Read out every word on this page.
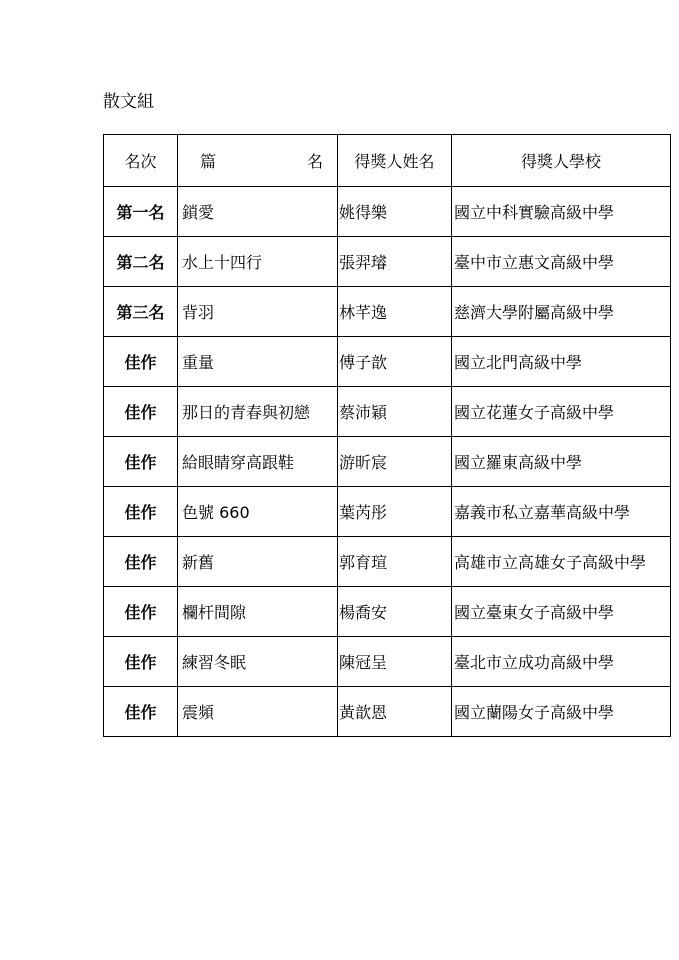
散文組
名次	篇 名	得獎人姓名	得獎人學校
第一名	鎖愛	姚得樂	國立中科實驗高級中學
第二名	水上十四行	張羿璿	臺中市立惠文高級中學
第三名	背羽	林芊逸	慈濟大學附屬高級中學
佳作	重量	傅子歆	國立北門高級中學
佳作	那日的青春與初戀	蔡沛穎	國立花蓮女子高級中學
佳作	給眼睛穿高跟鞋	游昕宸	國立羅東高級中學
佳作	色號 660	葉芮彤	嘉義市私立嘉華高級中學
佳作	新舊	郭育瑄	高雄市立高雄女子高級中學
佳作	欄杆間隙	楊喬安	國立臺東女子高級中學
佳作	練習冬眠	陳冠呈	臺北市立成功高級中學
佳作	震頻	黃歆恩	國立蘭陽女子高級中學
